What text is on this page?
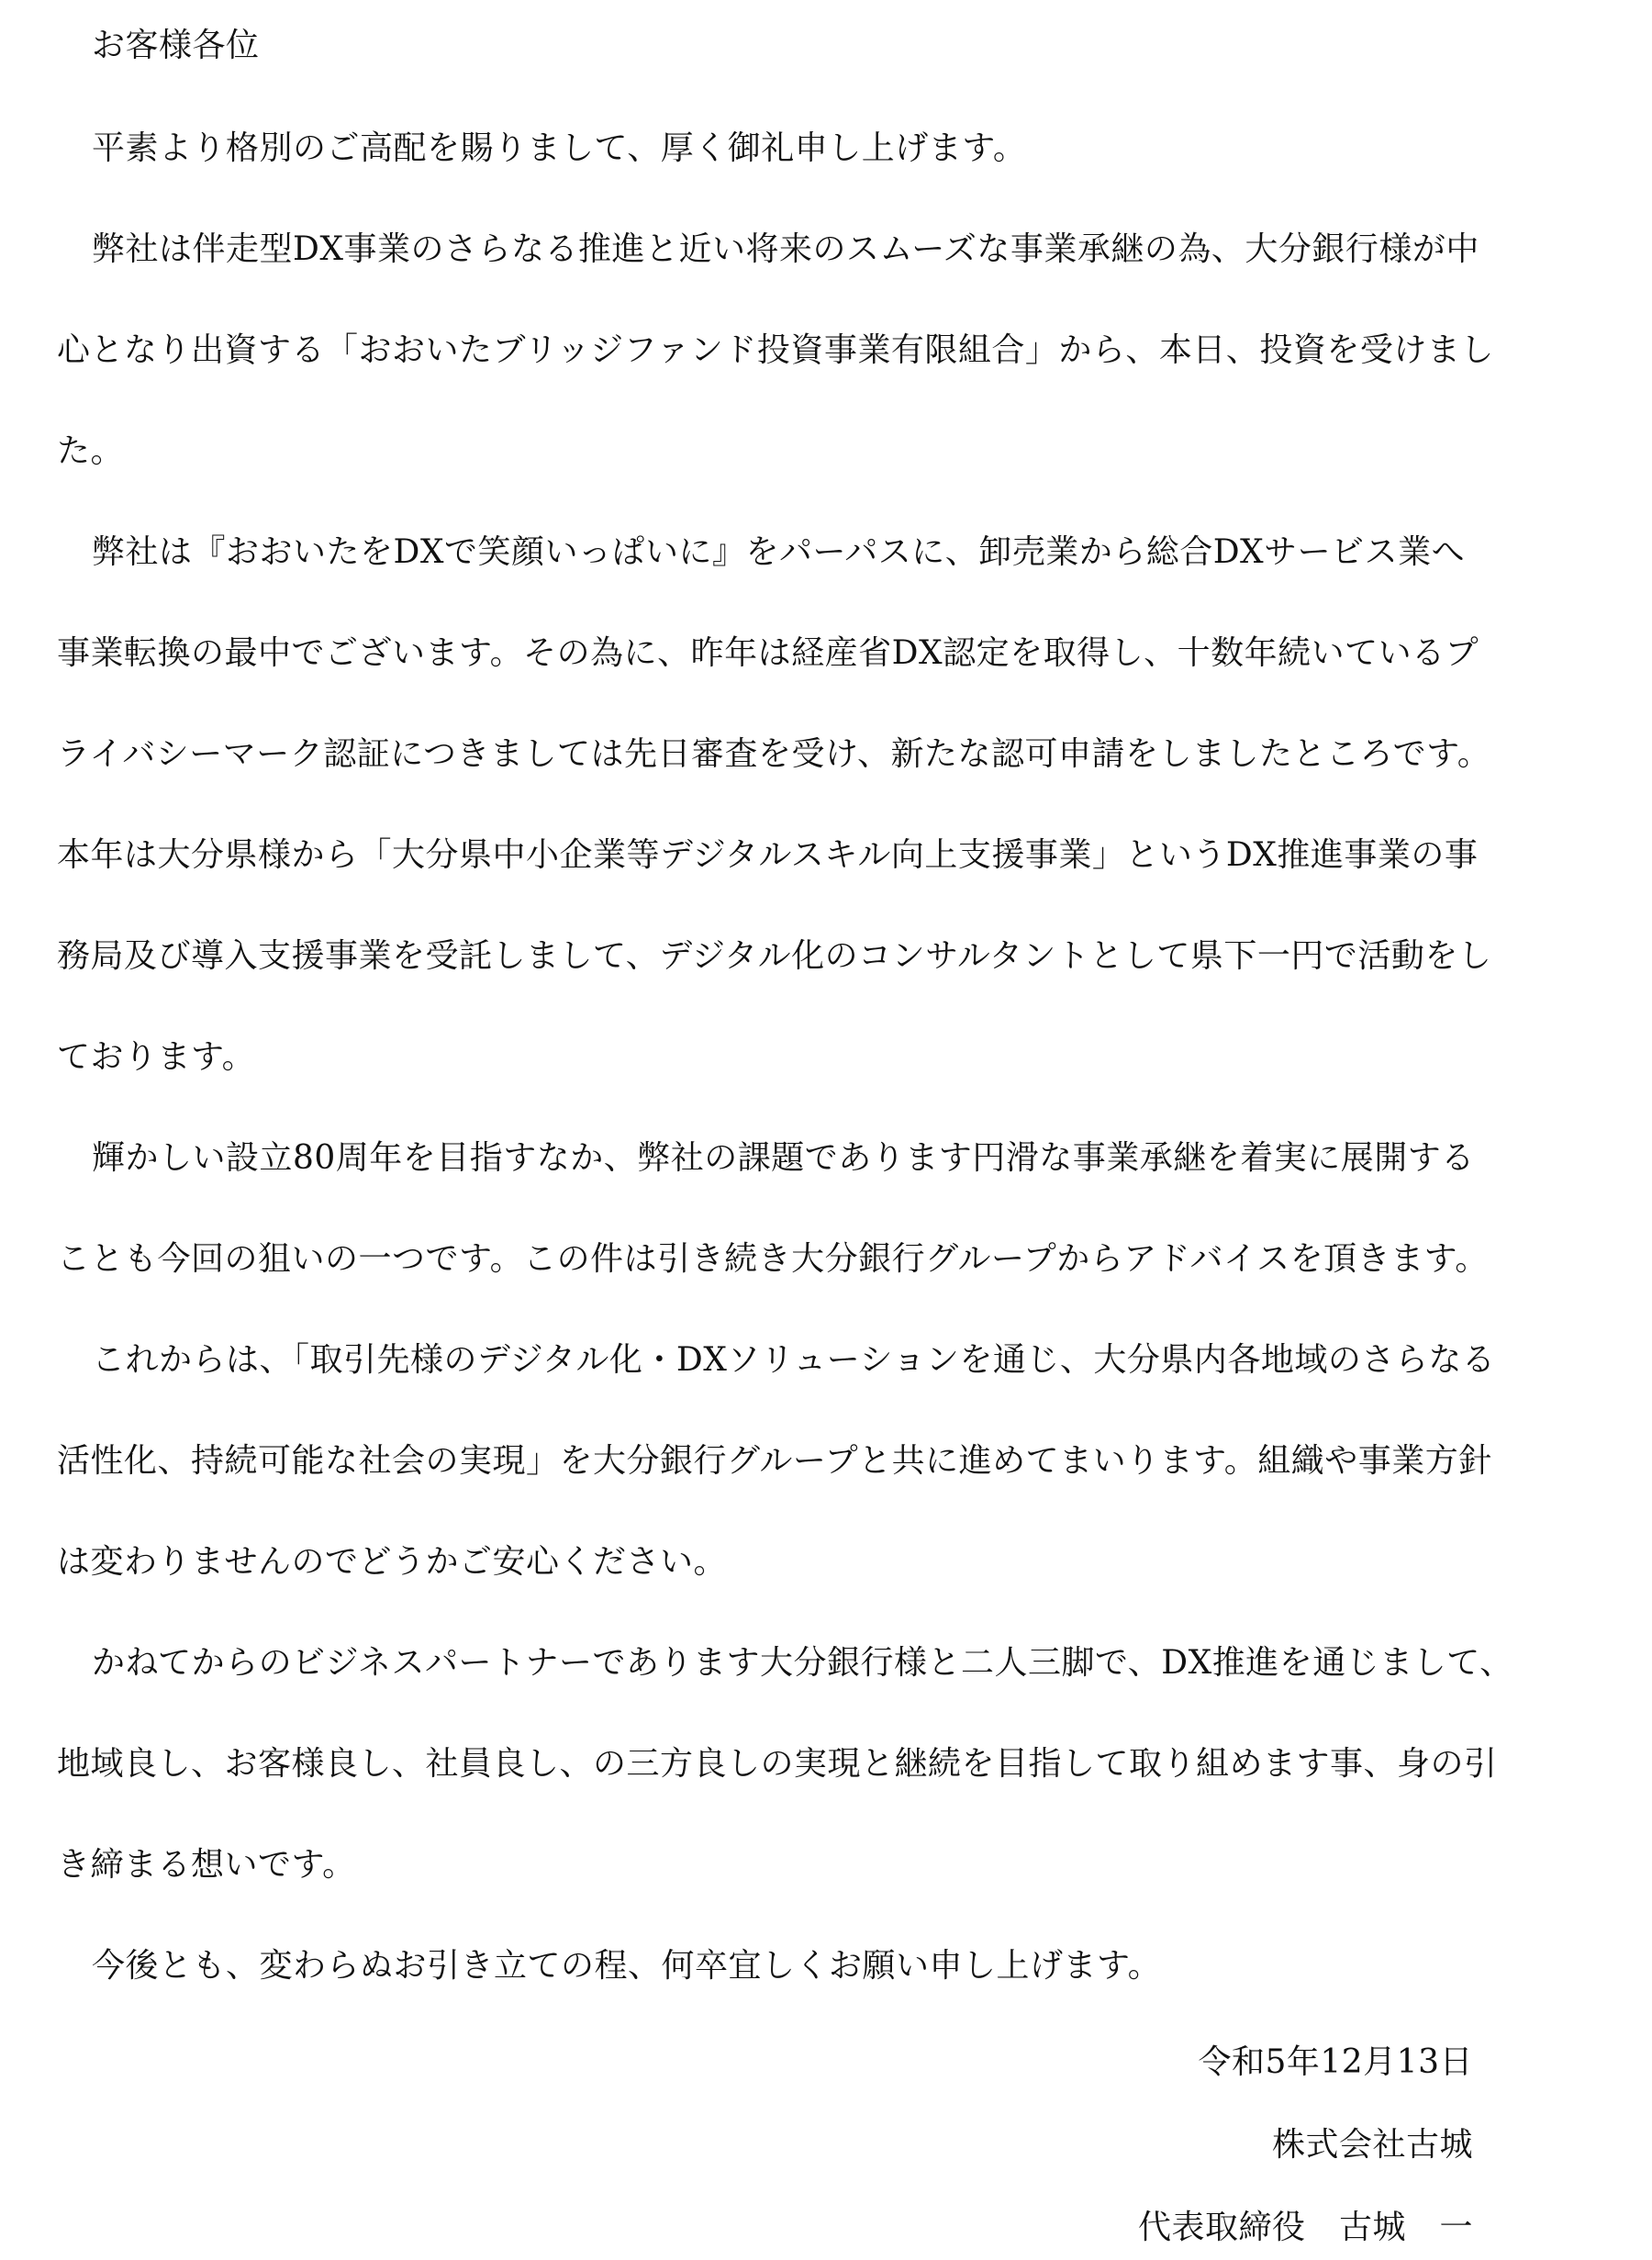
お客様各位
平素より格別のご高配を賜りまして、厚く御礼申し上げます。
弊社は伴走型DX事業のさらなる推進と近い将来のスムーズな事業承継の為、大分銀行様が中
心となり出資する「おおいたブリッジファンド投資事業有限組合」から、本日、投資を受けまし
た。
弊社は『おおいたをDXで笑顔いっぱいに』をパーパスに、卸売業から総合DXサービス業へ
事業転換の最中でございます。その為に、昨年は経産省DX認定を取得し、十数年続いているプ
ライバシーマーク認証につきましては先日審査を受け、新たな認可申請をしましたところです。
本年は大分県様から「大分県中小企業等デジタルスキル向上支援事業」というDX推進事業の事
務局及び導入支援事業を受託しまして、デジタル化のコンサルタントとして県下一円で活動をし
ております。
輝かしい設立80周年を目指すなか、弊社の課題であります円滑な事業承継を着実に展開する
ことも今回の狙いの一つです。この件は引き続き大分銀行グループからアドバイスを頂きます。
これからは、「取引先様のデジタル化・DXソリューションを通じ、大分県内各地域のさらなる
活性化、持続可能な社会の実現」を大分銀行グループと共に進めてまいります。組織や事業方針
は変わりませんのでどうかご安心ください。
かねてからのビジネスパートナーであります大分銀行様と二人三脚で、DX推進を通じまして、
地域良し、お客様良し、社員良し、の三方良しの実現と継続を目指して取り組めます事、身の引
き締まる想いです。
今後とも、変わらぬお引き立ての程、何卒宜しくお願い申し上げます。
令和5年12月13日
株式会社古城
代表取締役　古城　一
